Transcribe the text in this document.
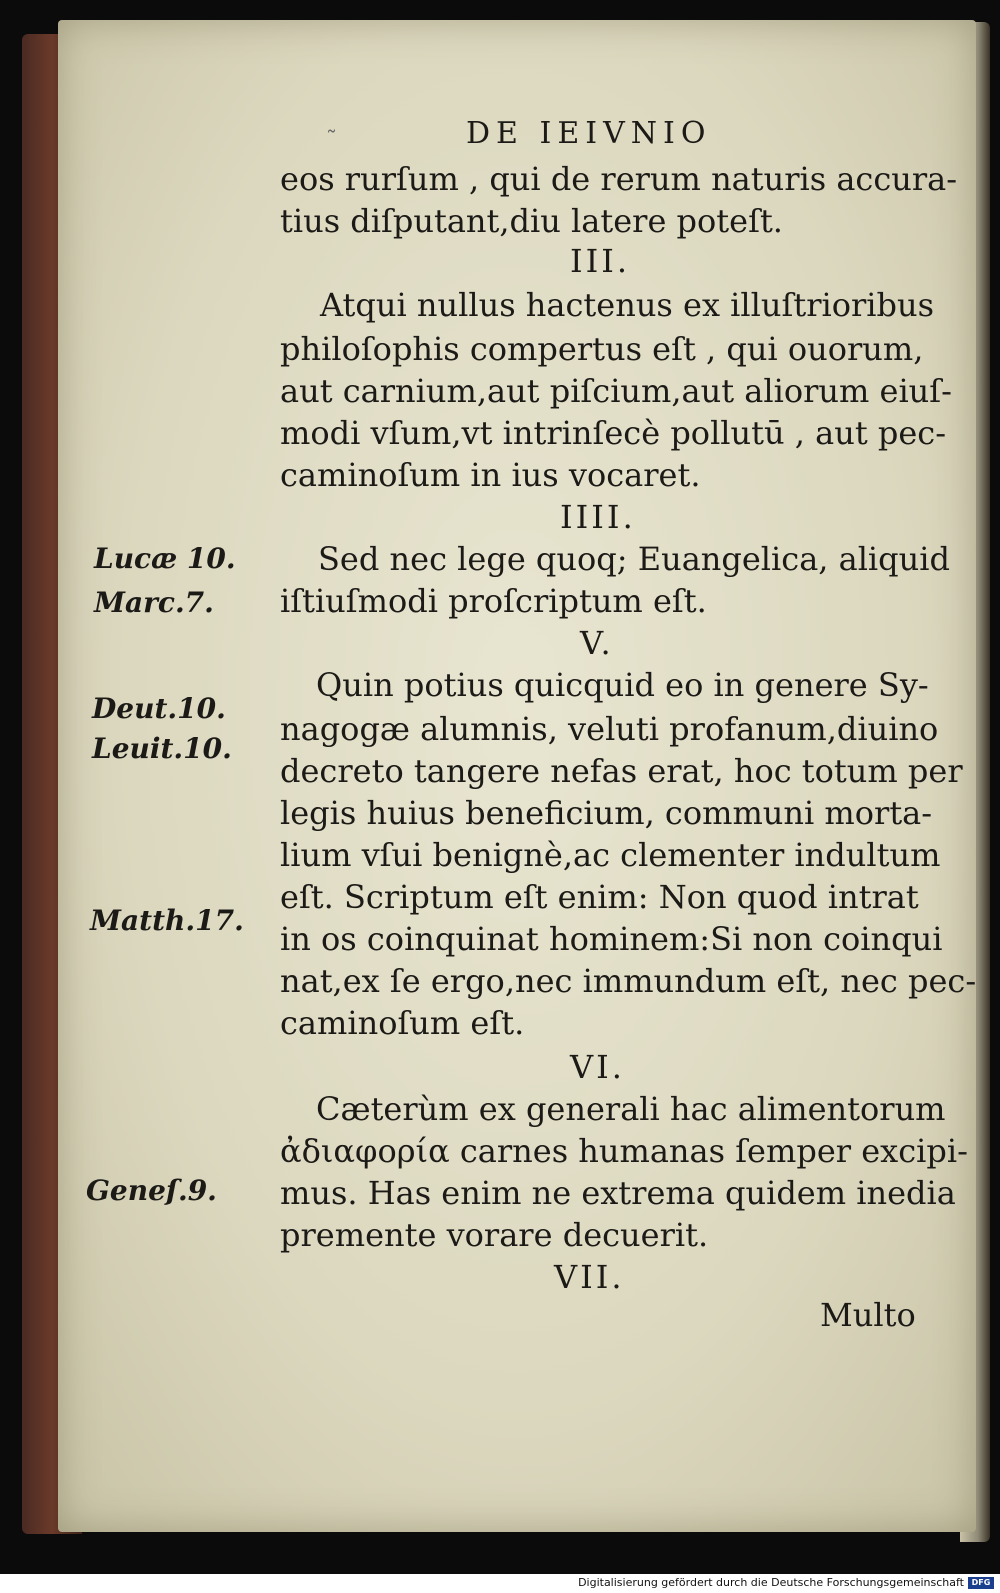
˜	DE IEIVNIO
eos rurſum , qui de rerum naturis accura-
tius diſputant,diu latere poteſt.
III.
Atqui nullus hactenus ex illuſtrioribus
philoſophis compertus eſt , qui ouorum,
aut carnium,aut piſcium,aut aliorum eiuſ-
modi vſum,vt intrinſecè pollutū , aut pec-
caminoſum in ius vocaret.
IIII.
Sed nec lege quoq; Euangelica, aliquid
iſtiuſmodi proſcriptum eſt.
V.
Quin potius quicquid eo in genere Sy-
nagogæ alumnis, veluti profanum,diuino
decreto tangere nefas erat, hoc totum per
legis huius beneficium, communi morta-
lium vſui benignè,ac clementer indultum
eſt. Scriptum eſt enim: Non quod intrat
in os coinquinat hominem:Si non coinqui
nat,ex ſe ergo,nec immundum eſt, nec pec-
caminoſum eſt.
VI.
Cæterùm ex generali hac alimentorum
ἀδιαφορία carnes humanas ſemper excipi-
mus. Has enim ne extrema quidem inedia
premente vorare decuerit.
VII.
Lucæ 10.
Marc.7.
Deut.10.
Leuit.10.
Matth.17.
Geneſ.9.
Multo
Digitalisierung gefördert durch die Deutsche Forschungsgemeinschaft DFG
